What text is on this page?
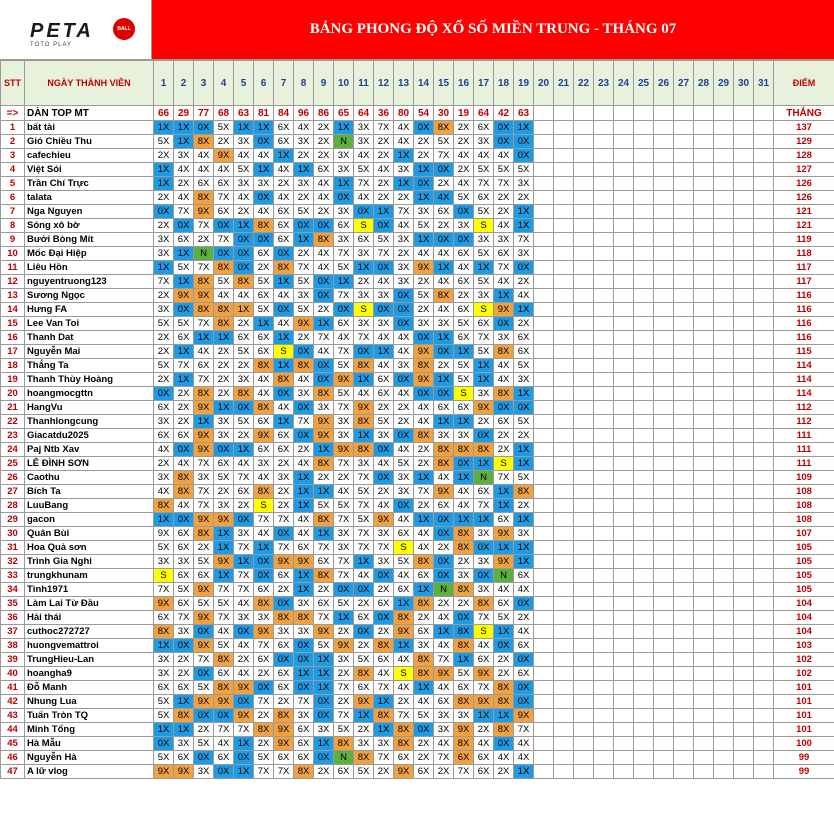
PETA
TOTO PLAY
BALL	BẢNG PHONG ĐỘ XỔ SỐ MIỀN TRUNG - THÁNG 07
STT	NGÀY THÀNH VIÊN	1	2	3	4	5	6	7	8	9	10	11	12	13	14	15	16	17	18	19	20	21	22	23	24	25	26	27	28	29	30	31	ĐIỂM
=>	DÀN TOP MT	66	29	77	68	63	81	84	96	86	65	64	36	80	54	30	19	64	42	63													THẮNG
1	bất tài	1X	1X	0X	5X	1X	1X	6X	4X	2X	1X	3X	7X	4X	0X	8X	2X	6X	0X	1X													137
2	Gió Chiều Thu	5X	1X	8X	2X	3X	0X	6X	3X	2X	N	3X	2X	4X	2X	5X	2X	3X	0X	0X													129
3	cafechieu	2X	3X	4X	9X	4X	4X	1X	2X	2X	3X	4X	2X	1X	2X	7X	4X	4X	4X	0X													128
4	Việt Sói	1X	4X	4X	4X	5X	1X	4X	1X	6X	3X	5X	4X	3X	1X	0X	2X	5X	5X	5X													127
5	Trần Chí Trực	1X	2X	6X	6X	3X	3X	2X	3X	4X	1X	7X	2X	1X	0X	2X	4X	7X	7X	3X													126
6	talata	2X	4X	8X	7X	4X	0X	4X	2X	4X	0X	4X	2X	2X	1X	4X	5X	6X	2X	2X													126
7	Nga Nguyen	0X	7X	9X	6X	2X	4X	6X	5X	2X	3X	0X	1X	7X	3X	6X	0X	5X	2X	1X													121
8	Sóng xô bờ	2X	0X	7X	0X	1X	8X	6X	0X	0X	6X	S	0X	4X	5X	2X	3X	S	4X	1X													121
9	Bưởi Bòng Mít	3X	6X	2X	7X	0X	0X	6X	1X	8X	3X	6X	5X	3X	1X	0X	0X	3X	3X	7X													119
10	Mốc Đại Hiệp	3X	1X	N	0X	0X	6X	0X	2X	4X	7X	3X	7X	2X	4X	4X	6X	5X	6X	3X													118
11	Liêu Hồn	1X	5X	7X	8X	0X	2X	8X	7X	4X	5X	1X	0X	3X	9X	1X	4X	1X	7X	0X													117
12	nguyentruong123	7X	1X	8X	5X	8X	5X	1X	5X	0X	1X	2X	4X	3X	2X	4X	6X	5X	4X	2X													117
13	Sương Ngọc	2X	9X	9X	4X	4X	6X	4X	3X	0X	7X	3X	3X	0X	5X	8X	2X	3X	1X	4X													116
14	Hưng FA	3X	0X	8X	8X	1X	5X	0X	5X	2X	0X	S	0X	0X	2X	4X	6X	S	9X	1X													116
15	Lee Van Toi	5X	5X	7X	8X	2X	1X	4X	9X	1X	6X	3X	3X	0X	3X	3X	5X	6X	0X	2X													116
16	Thanh Dat	2X	6X	1X	1X	6X	6X	1X	2X	7X	4X	7X	4X	4X	0X	1X	6X	7X	3X	6X													116
17	Nguyễn Mai	2X	1X	4X	2X	5X	6X	S	0X	4X	7X	0X	1X	4X	9X	0X	1X	5X	8X	6X													115
18	Thắng Ta	5X	7X	6X	2X	2X	8X	1X	8X	0X	5X	8X	4X	3X	8X	2X	5X	1X	4X	5X													114
19	Thanh Thùy Hoàng	2X	1X	7X	2X	3X	4X	8X	4X	0X	9X	1X	6X	0X	9X	1X	5X	1X	4X	3X													114
20	hoangmocgttn	0X	2X	8X	2X	8X	4X	0X	3X	8X	5X	4X	6X	4X	0X	0X	S	3X	8X	1X													114
21	HangVu	6X	2X	9X	1X	0X	8X	4X	0X	3X	7X	9X	2X	2X	4X	6X	6X	9X	0X	0X													112
22	Thanhlongcung	3X	2X	1X	3X	5X	6X	1X	7X	9X	3X	8X	5X	2X	4X	1X	1X	2X	6X	5X													112
23	Giacatdu2025	6X	6X	9X	3X	2X	9X	6X	0X	9X	3X	1X	3X	0X	8X	3X	3X	0X	2X	2X													111
24	Paj Ntb Xav	4X	0X	9X	0X	1X	6X	6X	2X	1X	9X	8X	0X	4X	2X	8X	8X	8X	2X	1X													111
25	LÊ ĐÌNH SƠN	2X	4X	7X	6X	4X	3X	2X	4X	8X	7X	3X	4X	5X	2X	8X	0X	1X	S	1X													111
26	Caothu	3X	8X	3X	5X	7X	4X	3X	1X	2X	2X	7X	0X	3X	1X	4X	1X	N	7X	5X													109
27	Bích Ta	4X	8X	7X	2X	6X	8X	2X	1X	1X	4X	5X	2X	3X	7X	9X	4X	6X	1X	8X													108
28	LuuBang	8X	4X	7X	3X	2X	S	2X	1X	5X	5X	7X	4X	0X	2X	6X	4X	7X	1X	2X													108
29	gacon	1X	0X	9X	9X	0X	7X	7X	4X	8X	7X	5X	9X	4X	1X	0X	1X	1X	6X	1X													108
30	Quân Bùi	9X	6X	8X	1X	3X	4X	0X	4X	1X	3X	7X	3X	6X	4X	0X	8X	3X	9X	3X													107
31	Hoa Quả sơn	5X	6X	2X	1X	7X	1X	7X	6X	7X	3X	7X	7X	S	4X	2X	8X	0X	1X	1X													105
32	Trình Gia Nghi	3X	3X	5X	9X	1X	0X	9X	9X	6X	7X	1X	3X	5X	8X	0X	2X	3X	9X	1X													105
33	trungkhunam	S	6X	6X	1X	7X	0X	6X	1X	8X	7X	4X	0X	4X	6X	0X	3X	0X	N	6X													105
34	Tình1971	7X	5X	9X	7X	7X	6X	2X	1X	2X	0X	0X	2X	6X	1X	N	8X	3X	4X	4X													105
35	Làm Lai Từ Đầu	9X	6X	5X	5X	4X	8X	0X	3X	6X	5X	2X	6X	1X	8X	2X	2X	8X	6X	0X													104
36	Hải thái	6X	7X	9X	7X	3X	3X	8X	8X	7X	1X	6X	0X	8X	2X	4X	0X	7X	5X	2X													104
37	cuthoc272727	8X	3X	0X	4X	0X	9X	3X	3X	9X	2X	0X	2X	9X	6X	1X	8X	S	1X	4X													104
38	huongvemattroi	1X	0X	9X	5X	4X	7X	6X	0X	5X	9X	2X	8X	1X	3X	4X	8X	4X	0X	6X													103
39	TrungHieu-Lan	3X	2X	7X	8X	2X	6X	0X	0X	1X	3X	5X	6X	4X	8X	7X	1X	6X	2X	0X													102
40	hoangha9	3X	2X	0X	6X	4X	2X	6X	1X	1X	2X	8X	4X	S	8X	9X	5X	9X	2X	6X													102
41	Đỗ Manh	6X	6X	5X	8X	9X	0X	6X	0X	1X	7X	6X	7X	4X	1X	4X	6X	7X	8X	0X													101
42	Nhung Lua	5X	1X	9X	9X	0X	7X	2X	7X	0X	2X	9X	1X	2X	4X	6X	8X	9X	8X	0X													101
43	Tuấn Tròn TQ	5X	8X	0X	0X	9X	2X	8X	3X	0X	7X	1X	8X	7X	5X	3X	3X	1X	1X	9X													101
44	Minh Tổng	1X	1X	2X	7X	7X	8X	9X	6X	3X	5X	2X	1X	8X	0X	3X	9X	2X	8X	7X													101
45	Hà Mẫu	0X	3X	5X	4X	1X	2X	9X	6X	1X	8X	3X	3X	8X	2X	4X	8X	4X	0X	4X													100
46	Nguyễn Hà	5X	6X	0X	6X	0X	5X	6X	6X	0X	N	8X	7X	6X	2X	7X	6X	6X	4X	4X													99
47	A lữ vlog	9X	9X	3X	0X	1X	7X	7X	8X	2X	6X	5X	2X	9X	6X	2X	7X	6X	2X	1X													99
